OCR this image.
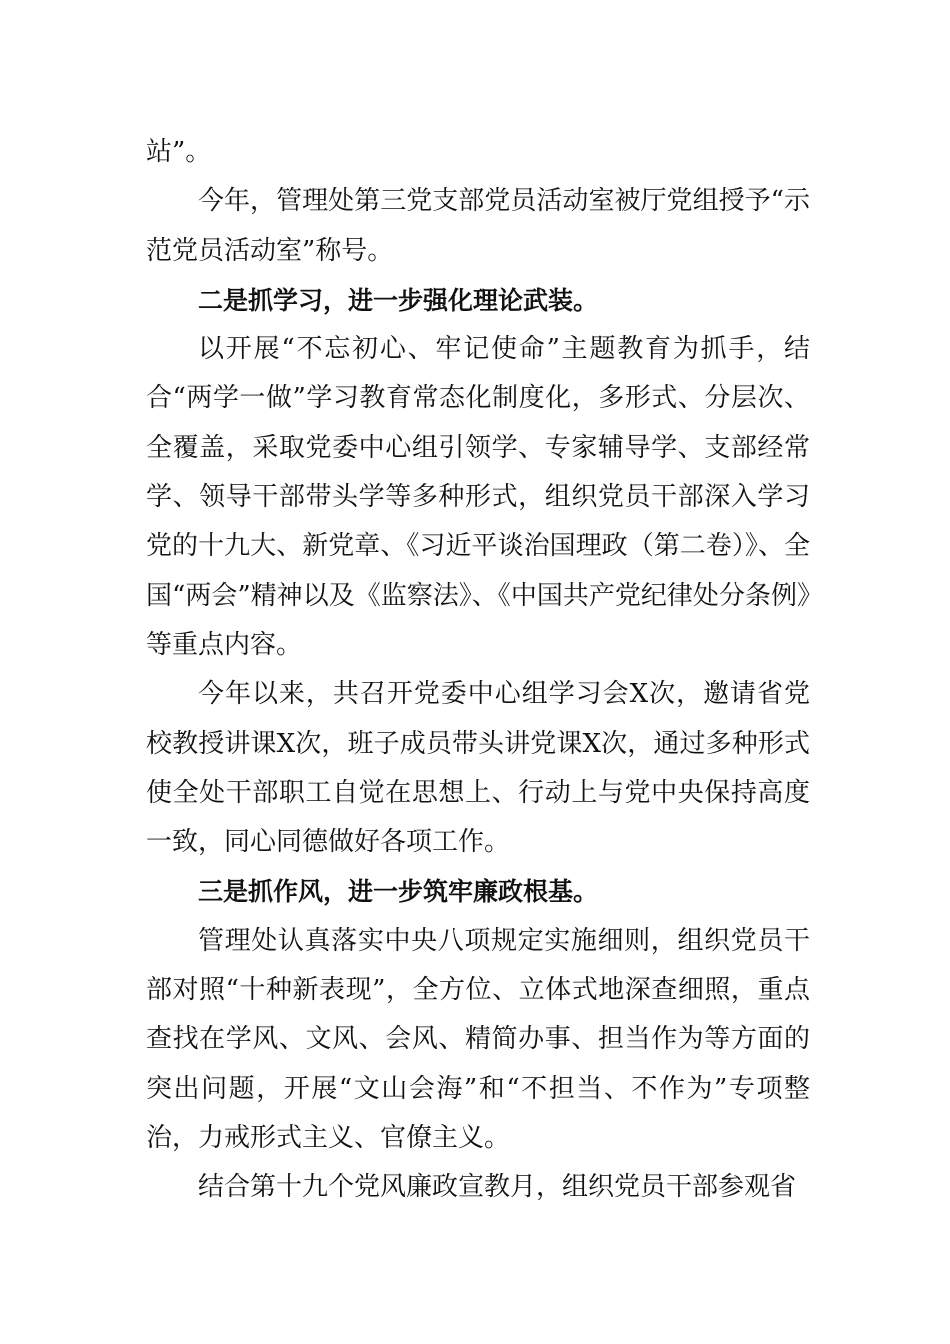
站”。

今年，管理处第三党支部党员活动室被厅党组授予“示范党员活动室”称号。

二是抓学习，进一步强化理论武装。

以开展“不忘初心、牢记使命”主题教育为抓手，结合“两学一做”学习教育常态化制度化，多形式、分层次、全覆盖，采取党委中心组引领学、专家辅导学、支部经常学、领导干部带头学等多种形式，组织党员干部深入学习党的十九大、新党章、《习近平谈治国理政（第二卷）》、全国“两会”精神以及《监察法》、《中国共产党纪律处分条例》等重点内容。

今年以来，共召开党委中心组学习会X次，邀请省党校教授讲课X次，班子成员带头讲党课X次，通过多种形式使全处干部职工自觉在思想上、行动上与党中央保持高度一致，同心同德做好各项工作。

三是抓作风，进一步筑牢廉政根基。

管理处认真落实中央八项规定实施细则，组织党员干部对照“十种新表现”，全方位、立体式地深查细照，重点查找在学风、文风、会风、精简办事、担当作为等方面的突出问题，开展“文山会海”和“不担当、不作为”专项整治，力戒形式主义、官僚主义。

结合第十九个党风廉政宣教月，组织党员干部参观省
